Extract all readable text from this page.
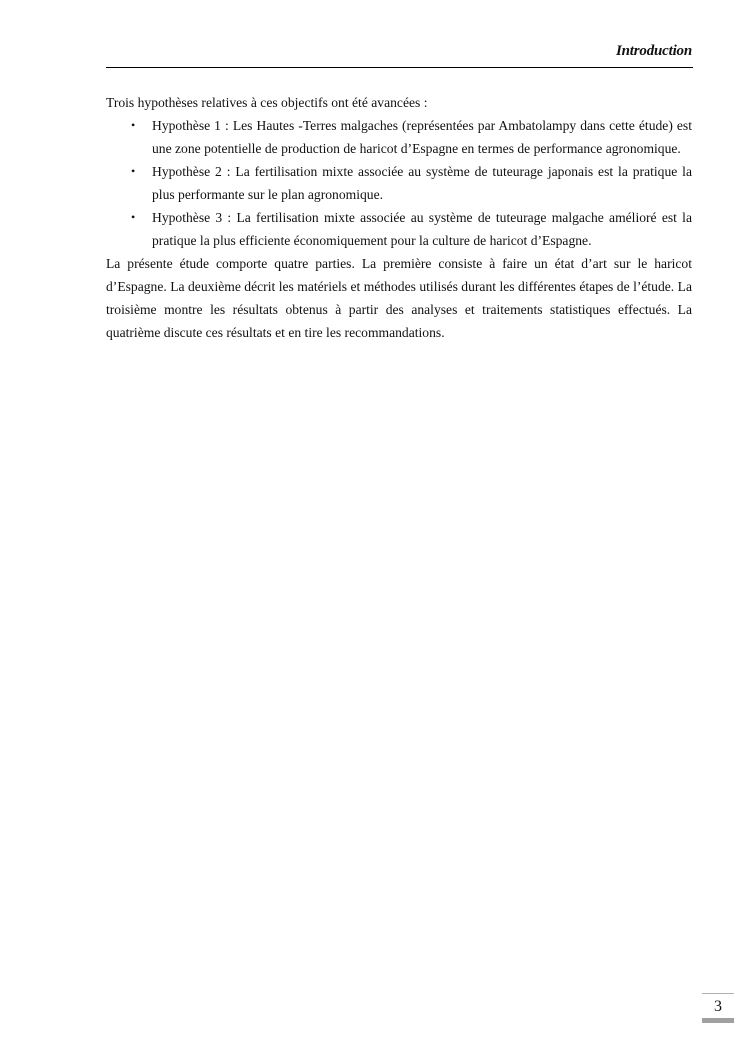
Introduction

Trois hypothèses relatives à ces objectifs ont été avancées :

• Hypothèse 1 : Les Hautes -Terres malgaches (représentées par Ambatolampy dans cette étude) est une zone potentielle de production de haricot d’Espagne en termes de performance agronomique.
• Hypothèse 2 : La fertilisation mixte associée au système de tuteurage japonais est la pratique la plus performante sur le plan agronomique.
• Hypothèse 3 : La fertilisation mixte associée au système de tuteurage malgache amélioré est la pratique la plus efficiente économiquement pour la culture de haricot d’Espagne.

La présente étude comporte quatre parties. La première consiste à faire un état d’art sur le haricot d’Espagne. La deuxième décrit les matériels et méthodes utilisés durant les différentes étapes de l’étude. La troisième montre les résultats obtenus à partir des analyses et traitements statistiques effectués. La quatrième discute ces résultats et en tire les recommandations.

3
